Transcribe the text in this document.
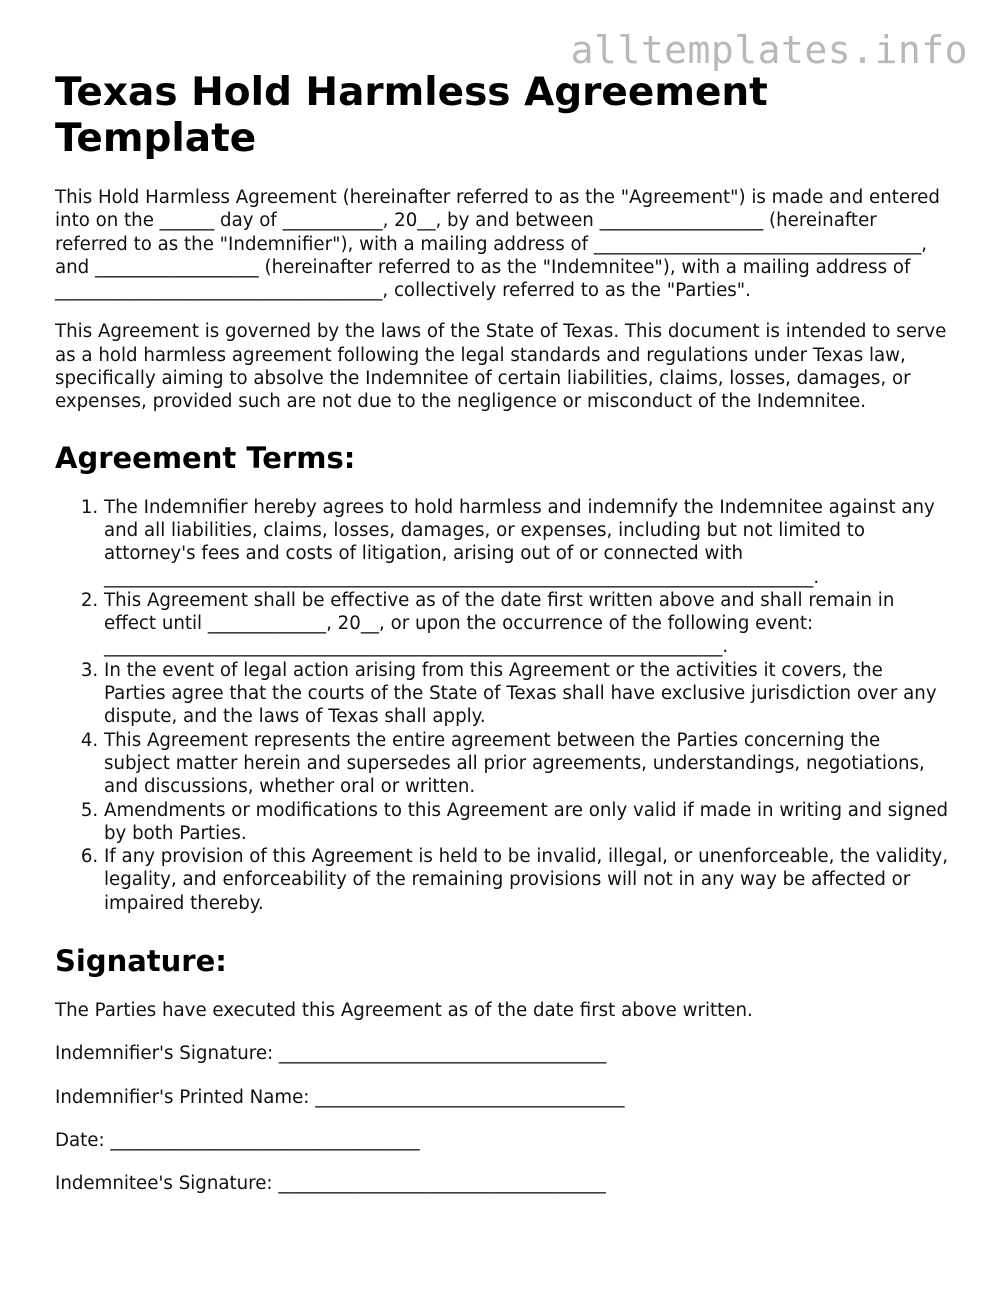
alltemplates.info
Texas Hold Harmless Agreement Template

This Hold Harmless Agreement (hereinafter referred to as the "Agreement") is made and entered into on the ______ day of ___________, 20__, by and between __________________ (hereinafter referred to as the "Indemnifier"), with a mailing address of ____________________________________, and __________________ (hereinafter referred to as the "Indemnitee"), with a mailing address of ____________________________________, collectively referred to as the "Parties".

This Agreement is governed by the laws of the State of Texas. This document is intended to serve as a hold harmless agreement following the legal standards and regulations under Texas law, specifically aiming to absolve the Indemnitee of certain liabilities, claims, losses, damages, or expenses, provided such are not due to the negligence or misconduct of the Indemnitee.

Agreement Terms:
1. The Indemnifier hereby agrees to hold harmless and indemnify the Indemnitee against any and all liabilities, claims, losses, damages, or expenses, including but not limited to attorney's fees and costs of litigation, arising out of or connected with ______________________________________________________________________________.
2. This Agreement shall be effective as of the date first written above and shall remain in effect until _____________, 20__, or upon the occurrence of the following event: ____________________________________________________________________.
3. In the event of legal action arising from this Agreement or the activities it covers, the Parties agree that the courts of the State of Texas shall have exclusive jurisdiction over any dispute, and the laws of Texas shall apply.
4. This Agreement represents the entire agreement between the Parties concerning the subject matter herein and supersedes all prior agreements, understandings, negotiations, and discussions, whether oral or written.
5. Amendments or modifications to this Agreement are only valid if made in writing and signed by both Parties.
6. If any provision of this Agreement is held to be invalid, illegal, or unenforceable, the validity, legality, and enforceability of the remaining provisions will not in any way be affected or impaired thereby.
Signature:

The Parties have executed this Agreement as of the date first above written.

Indemnifier's Signature: ____________________________________

Indemnifier's Printed Name: __________________________________

Date: __________________________________

Indemnitee's Signature: ____________________________________
